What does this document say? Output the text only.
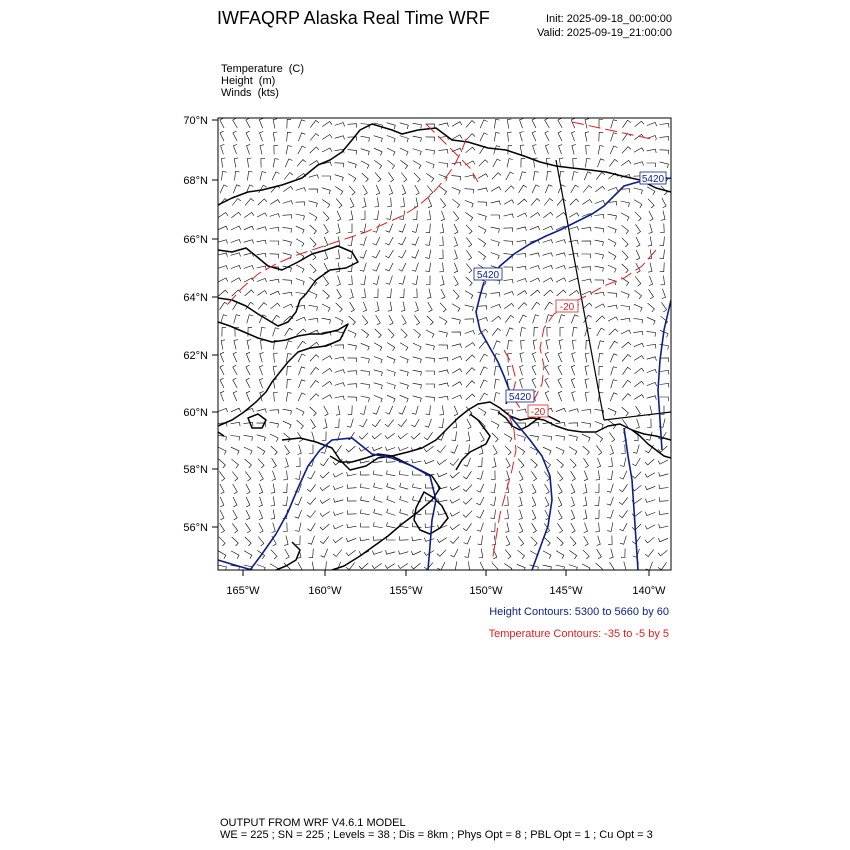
IWFAQRP Alaska Real Time WRF	Init: 2025-09-18_00:00:00
Valid: 2025-09-19_21:00:00
Temperature (C)
Height (m)
Winds (kts)
5420
5420
5420
-20
-20
70°N
68°N
66°N
64°N
62°N
60°N
58°N
56°N
165°W	160°W	155°W	150°W	145°W	140°W
Height Contours: 5300 to 5660 by 60
Temperature Contours: -35 to -5 by 5
OUTPUT FROM WRF V4.6.1 MODEL
WE = 225 ; SN = 225 ; Levels = 38 ; Dis = 8km ; Phys Opt = 8 ; PBL Opt = 1 ; Cu Opt = 3
